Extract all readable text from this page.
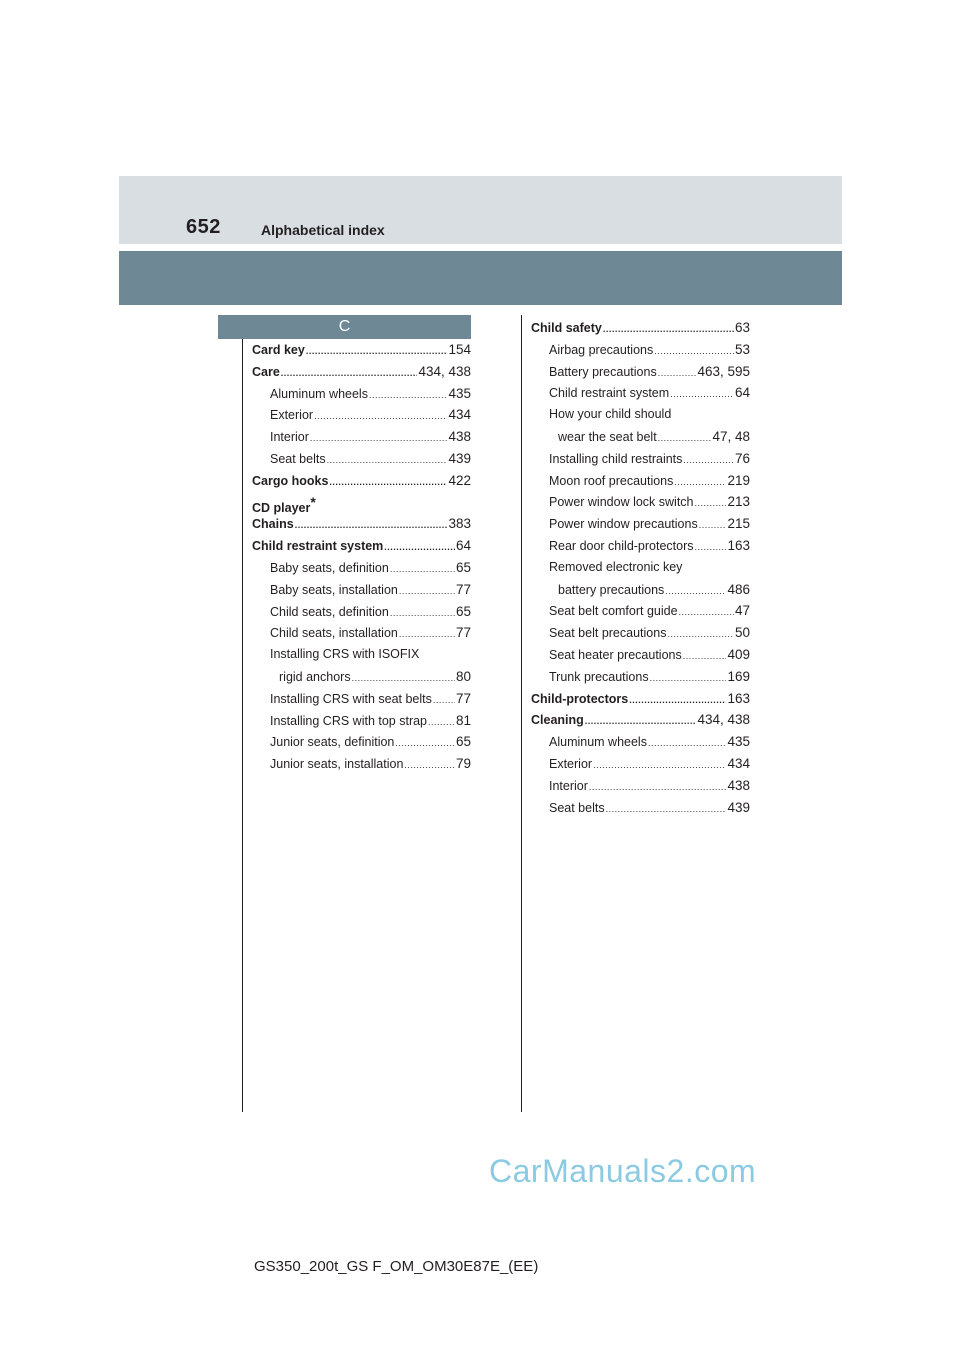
652	Alphabetical index
C
Card key .....	154
Care .....	434, 438
Aluminum wheels .....	435
Exterior .....	434
Interior .....	438
Seat belts .....	439
Cargo hooks .....	422
CD player*
Chains .....	383
Child restraint system .....	64
Baby seats, definition .....	65
Baby seats, installation .....	77
Child seats, definition .....	65
Child seats, installation .....	77
Installing CRS with ISOFIX
rigid anchors .....	80
Installing CRS with seat belts ..... 77
Installing CRS with top strap ..... 81
Junior seats, definition .....	65
Junior seats, installation .....	79
Child safety .....	63
Airbag precautions .....	53
Battery precautions .....	463, 595
Child restraint system .....	64
How your child should
wear the seat belt .....	47, 48
Installing child restraints .....	76
Moon roof precautions .....	219
Power window lock switch .....	213
Power window precautions ..... 215
Rear door child-protectors .....	163
Removed electronic key
battery precautions .....	486
Seat belt comfort guide .....	47
Seat belt precautions .....	50
Seat heater precautions .....	409
Trunk precautions .....	169
Child-protectors .....	163
Cleaning .....	434, 438
Aluminum wheels .....	435
Exterior .....	434
Interior .....	438
Seat belts .....	439
GS350_200t_GS F_OM_OM30E87E_(EE)
CarManuals2.com
